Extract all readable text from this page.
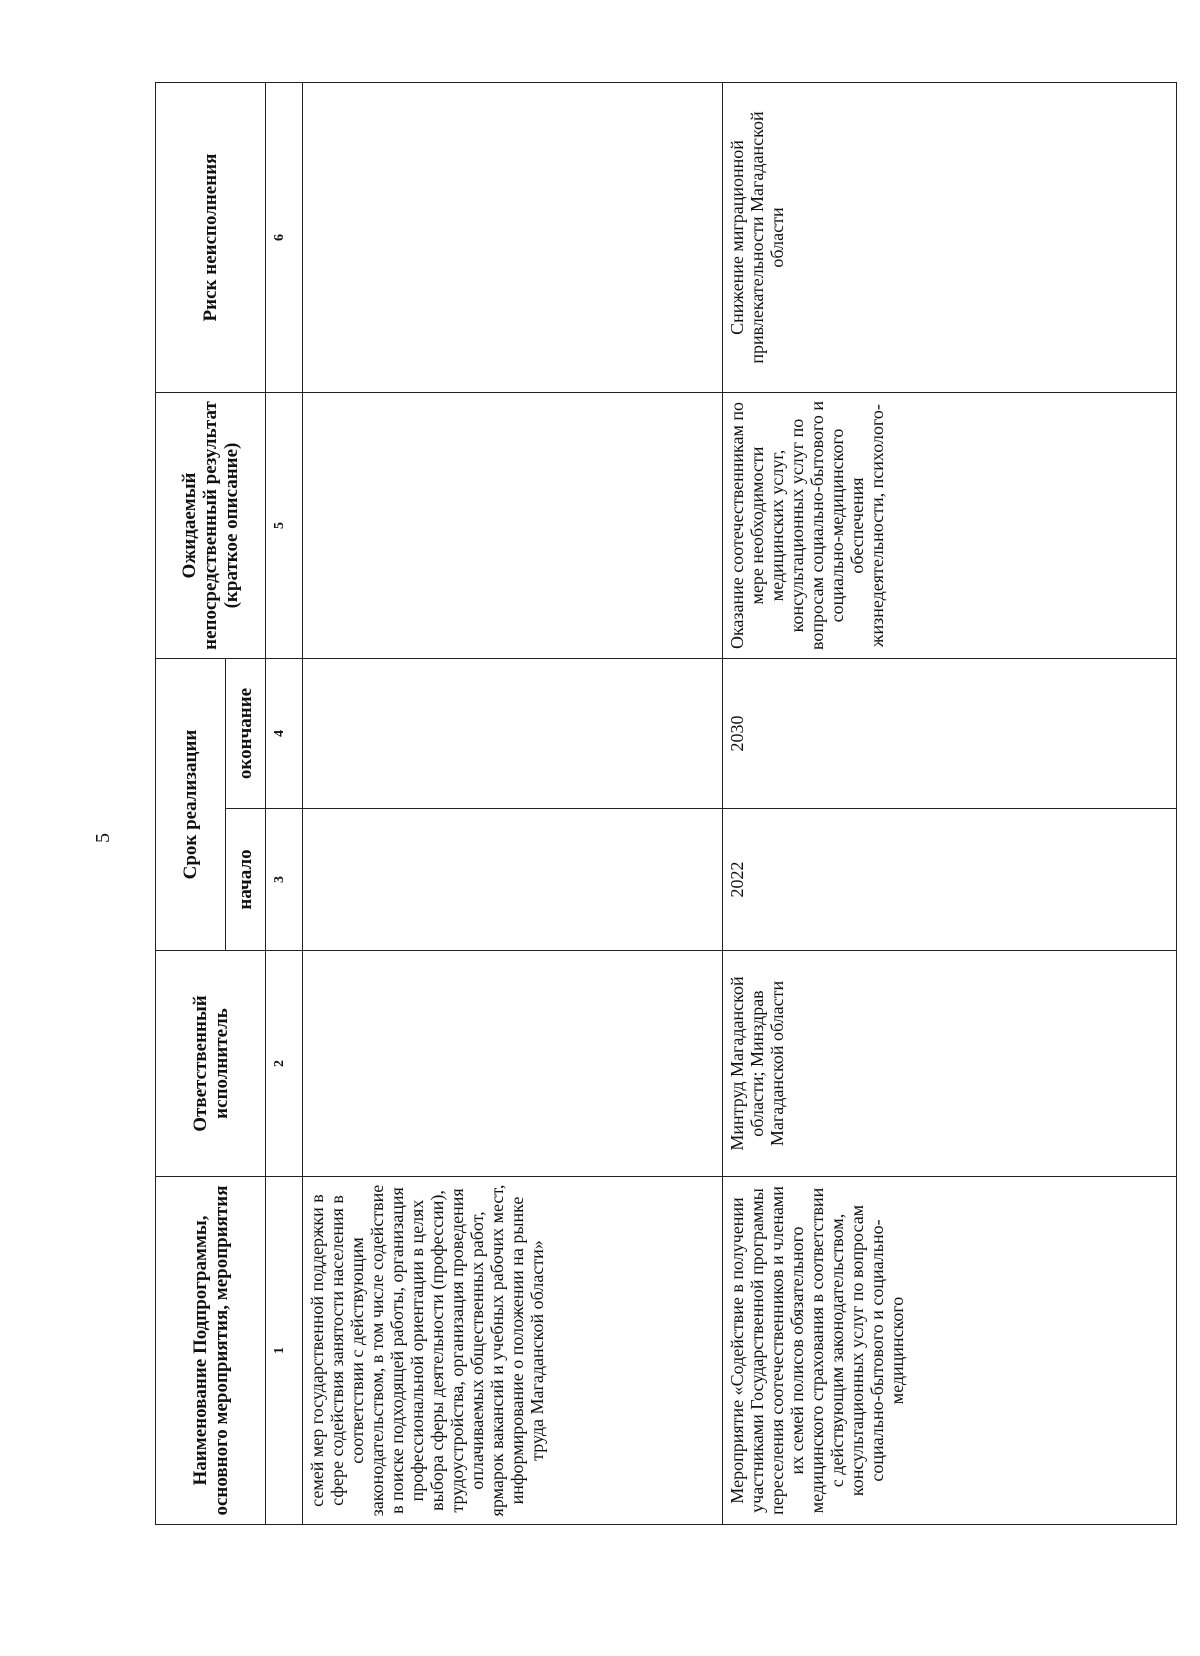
5
Наименование Подпрограммы, основного мероприятия, мероприятия	Ответственный исполнитель	Срок реализации		Ожидаемый непосредственный результат (краткое описание)	Риск неисполнения
		начало	окончание		
1	2	3	4	5	6
семей мер государственной поддержки в сфере содействия занятости населения в соответствии с действующим законодательством, в том числе содействие в поиске подходящей работы, организация профессиональной ориентации в целях выбора сферы деятельности (профессии), трудоустройства, организация проведения оплачиваемых общественных работ, ярмарок вакансий и учебных рабочих мест, информирование о положении на рынке труда Магаданской области»					
Мероприятие «Содействие в получении участниками Государственной программы переселения соотечественников и членами их семей полисов обязательного медицинского страхования в соответствии с действующим законодательством, консультационных услуг по вопросам социально-бытового и социально-медицинского	Минтруд Магаданской области; Минздрав Магаданской области	2022	2030	Оказание соотечественникам по мере необходимости медицинских услуг, консультационных услуг по вопросам социально-бытового и социально-медицинского обеспечения жизнедеятельности, психолого-	Снижение миграционной привлекательности Магаданской области
